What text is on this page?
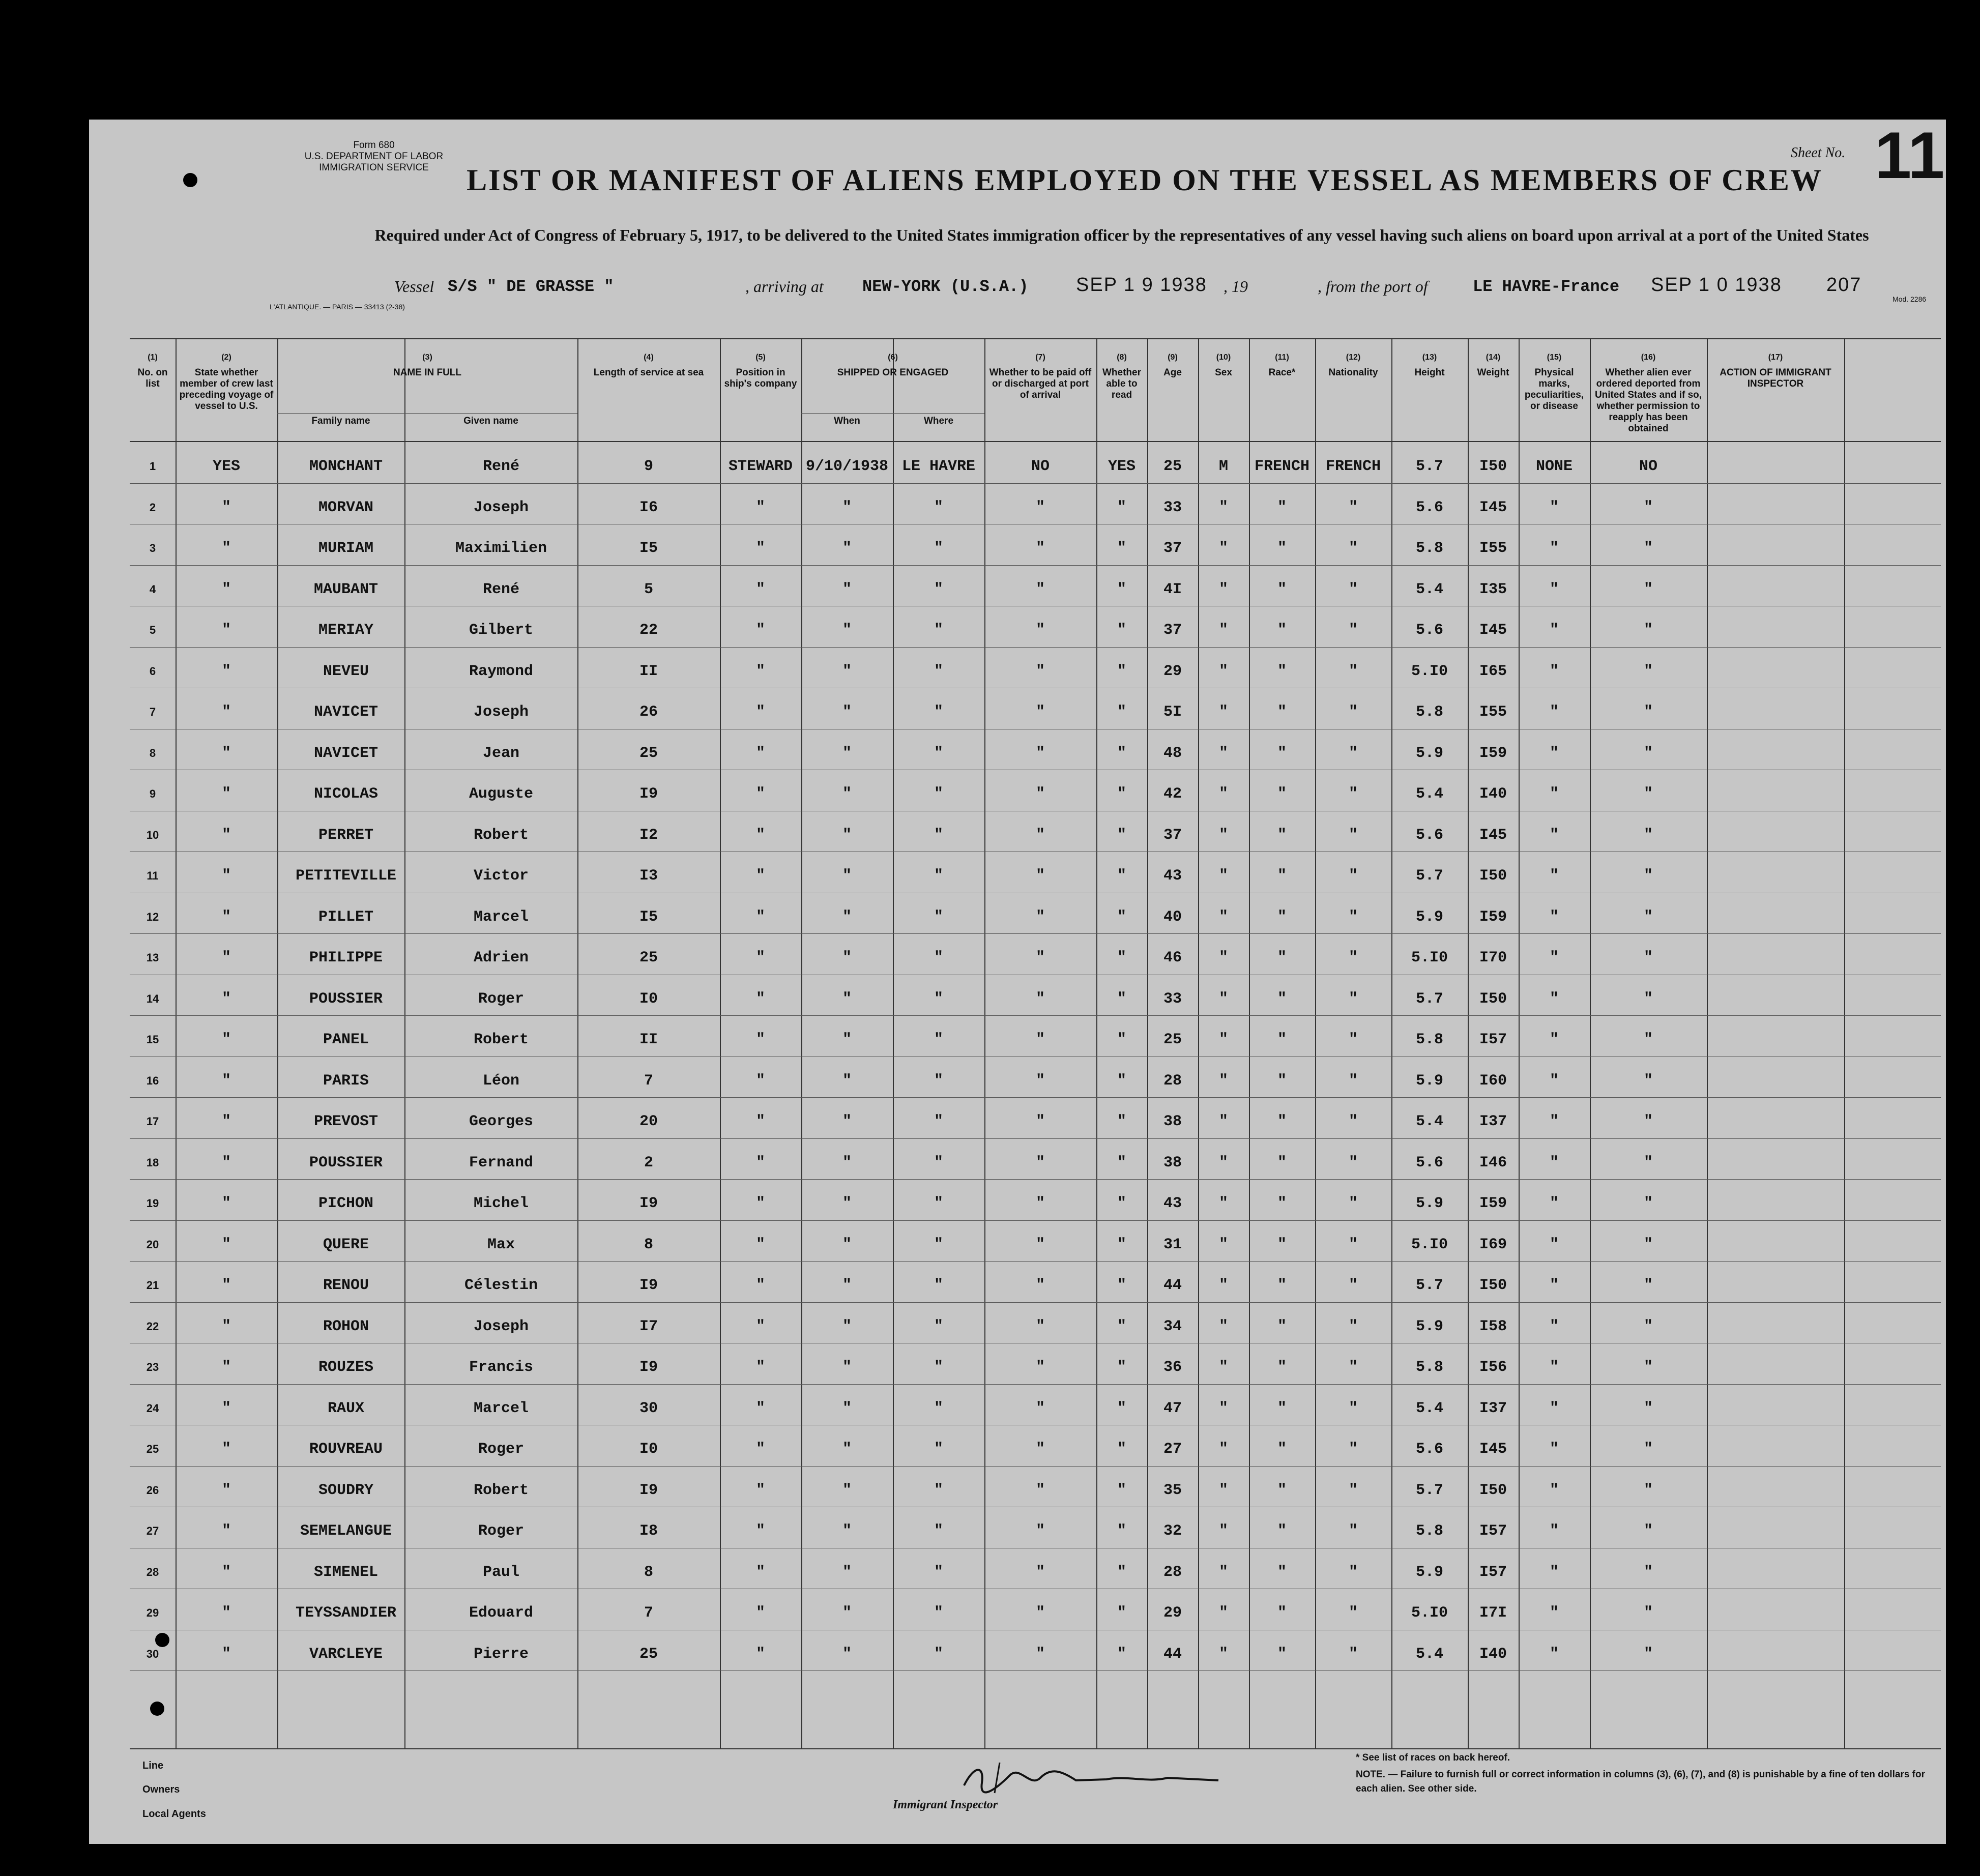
Form 680
U.S. DEPARTMENT OF LABOR
IMMIGRATION SERVICE
Sheet No. 11
LIST OR MANIFEST OF ALIENS EMPLOYED ON THE VESSEL AS MEMBERS OF CREW
Required under Act of Congress of February 5, 1917, to be delivered to the United States immigration officer by the representatives of any vessel having such aliens on board upon arrival at a port of the United States
Vessel S/S " DE GRASSE "	, arriving at NEW-YORK (U.S.A.) SEP 1 9 1938 , 19	, from the port of	LE HAVRE-France SEP 1 0 1938 207
L'ATLANTIQUE. — PARIS — 33413 (2-38)
Mod. 2286
(1)
No. on list
(2)
State whether member of crew last preceding voyage of vessel to U.S.
(3)
NAME IN FULL
(4)
Length of service at sea
(5)
Position in ship's company
(6)
SHIPPED OR ENGAGED
(7)
Whether to be paid off or discharged at port of arrival
(8)
Whether able to read
(9)
Age
(10)
Sex
(11)
Race*
(12)
Nationality
(13)
Height
(14)
Weight
(15)
Physical marks, peculiarities, or disease
(16)
Whether alien ever ordered deported from United States and if so, whether permission to reapply has been obtained
(17)
ACTION OF IMMIGRANT INSPECTOR
Family name	Given name	When	Where
1	YES	MONCHANT	René	9	STEWARD 9/10/1938 LE HAVRE	NO	YES	25	M	FRENCH	FRENCH	5.7	I50	NONE	NO
2	"	MORVAN	Joseph	I6	"	"	"	"	"	33	"	"	"	5.6	I45	"	"
3	"	MURIAM	Maximilien	I5	"	"	"	"	"	37	"	"	"	5.8	I55	"	"
4	"	MAUBANT	René	5	"	"	"	"	"	4I	"	"	"	5.4	I35	"	"
5	"	MERIAY	Gilbert	22	"	"	"	"	"	37	"	"	"	5.6	I45	"	"
6	"	NEVEU	Raymond	II	"	"	"	"	"	29	"	"	"	5.I0	I65	"	"
7	"	NAVICET	Joseph	26	"	"	"	"	"	5I	"	"	"	5.8	I55	"	"
8	"	NAVICET	Jean	25	"	"	"	"	"	48	"	"	"	5.9	I59	"	"
9	"	NICOLAS	Auguste	I9	"	"	"	"	"	42	"	"	"	5.4	I40	"	"
10	"	PERRET	Robert	I2	"	"	"	"	"	37	"	"	"	5.6	I45	"	"
11	"	PETITEVILLE	Victor	I3	"	"	"	"	"	43	"	"	"	5.7	I50	"	"
12	"	PILLET	Marcel	I5	"	"	"	"	"	40	"	"	"	5.9	I59	"	"
13	"	PHILIPPE	Adrien	25	"	"	"	"	"	46	"	"	"	5.I0	I70	"	"
14	"	POUSSIER	Roger	I0	"	"	"	"	"	33	"	"	"	5.7	I50	"	"
15	"	PANEL	Robert	II	"	"	"	"	"	25	"	"	"	5.8	I57	"	"
16	"	PARIS	Léon	7	"	"	"	"	"	28	"	"	"	5.9	I60	"	"
17	"	PREVOST	Georges	20	"	"	"	"	"	38	"	"	"	5.4	I37	"	"
18	"	POUSSIER	Fernand	2	"	"	"	"	"	38	"	"	"	5.6	I46	"	"
19	"	PICHON	Michel	I9	"	"	"	"	"	43	"	"	"	5.9	I59	"	"
20	"	QUERE	Max	8	"	"	"	"	"	31	"	"	"	5.I0	I69	"	"
21	"	RENOU	Célestin	I9	"	"	"	"	"	44	"	"	"	5.7	I50	"	"
22	"	ROHON	Joseph	I7	"	"	"	"	"	34	"	"	"	5.9	I58	"	"
23	"	ROUZES	Francis	I9	"	"	"	"	"	36	"	"	"	5.8	I56	"	"
24	"	RAUX	Marcel	30	"	"	"	"	"	47	"	"	"	5.4	I37	"	"
25	"	ROUVREAU	Roger	I0	"	"	"	"	"	27	"	"	"	5.6	I45	"	"
26	"	SOUDRY	Robert	I9	"	"	"	"	"	35	"	"	"	5.7	I50	"	"
27	"	SEMELANGUE	Roger	I8	"	"	"	"	"	32	"	"	"	5.8	I57	"	"
28	"	SIMENEL	Paul	8	"	"	"	"	"	28	"	"	"	5.9	I57	"	"
29	"	TEYSSANDIER	Edouard	7	"	"	"	"	"	29	"	"	"	5.I0	I7I	"	"
30	"	VARCLEYE	Pierre	25	"	"	"	"	"	44	"	"	"	5.4	I40	"	"
Line
Owners
Local Agents
Immigrant Inspector
* See list of races on back hereof.
NOTE. — Failure to furnish full or correct information in columns (3), (6), (7), and (8) is punishable by a fine of ten dollars for each alien. See other side.
